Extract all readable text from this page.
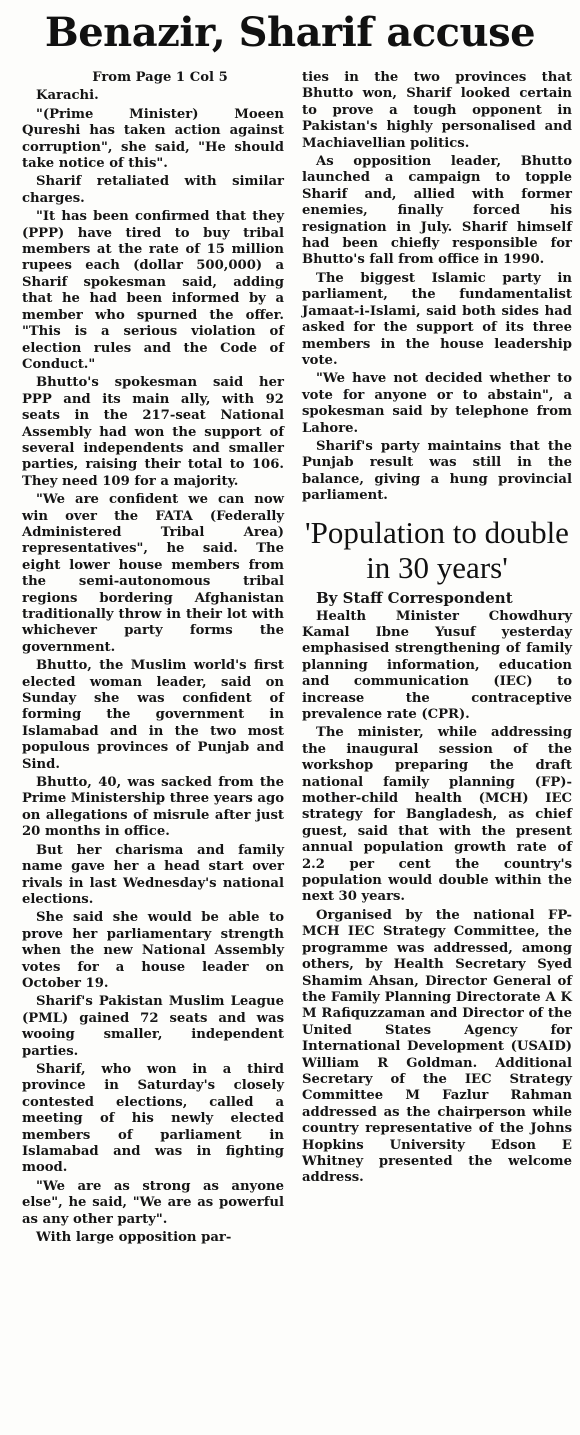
Benazir, Sharif accuse

From Page 1 Col 5

Karachi.

"(Prime Minister) Moeen Qureshi has taken action against corruption", she said, "He should take notice of this".

Sharif retaliated with similar charges.

"It has been confirmed that they (PPP) have tired to buy tribal members at the rate of 15 million rupees each (dollar 500,000) a Sharif spokesman said, adding that he had been informed by a member who spurned the offer. "This is a serious violation of election rules and the Code of Conduct."

Bhutto's spokesman said her PPP and its main ally, with 92 seats in the 217-seat National Assembly had won the support of several independents and smaller parties, raising their total to 106. They need 109 for a majority.

"We are confident we can now win over the FATA (Federally Administered Tribal Area) representatives", he said. The eight lower house members from the semi-autonomous tribal regions bordering Afghanistan traditionally throw in their lot with whichever party forms the government.

Bhutto, the Muslim world's first elected woman leader, said on Sunday she was confident of forming the government in Islamabad and in the two most populous provinces of Punjab and Sind.

Bhutto, 40, was sacked from the Prime Ministership three years ago on allegations of misrule after just 20 months in office.

But her charisma and family name gave her a head start over rivals in last Wednesday's national elections.

She said she would be able to prove her parliamentary strength when the new National Assembly votes for a house leader on October 19.

Sharif's Pakistan Muslim League (PML) gained 72 seats and was wooing smaller, independent parties.

Sharif, who won in a third province in Saturday's closely contested elections, called a meeting of his newly elected members of parliament in Islamabad and was in fighting mood.

"We are as strong as anyone else", he said, "We are as powerful as any other party".

With large opposition par-

ties in the two provinces that Bhutto won, Sharif looked certain to prove a tough opponent in Pakistan's highly personalised and Machiavellian politics.

As opposition leader, Bhutto launched a campaign to topple Sharif and, allied with former enemies, finally forced his resignation in July. Sharif himself had been chiefly responsible for Bhutto's fall from office in 1990.

The biggest Islamic party in parliament, the fundamentalist Jamaat-i-Islami, said both sides had asked for the support of its three members in the house leadership vote.

"We have not decided whether to vote for anyone or to abstain", a spokesman said by telephone from Lahore.

Sharif's party maintains that the Punjab result was still in the balance, giving a hung provincial parliament.

'Population to double in 30 years'

By Staff Correspondent

Health Minister Chowdhury Kamal Ibne Yusuf yesterday emphasised strengthening of family planning information, education and communication (IEC) to increase the contraceptive prevalence rate (CPR).

The minister, while addressing the inaugural session of the workshop preparing the draft national family planning (FP)-mother-child health (MCH) IEC strategy for Bangladesh, as chief guest, said that with the present annual population growth rate of 2.2 per cent the country's population would double within the next 30 years.

Organised by the national FP-MCH IEC Strategy Committee, the programme was addressed, among others, by Health Secretary Syed Shamim Ahsan, Director General of the Family Planning Directorate A K M Rafiquzzaman and Director of the United States Agency for International Development (USAID) William R Goldman. Additional Secretary of the IEC Strategy Committee M Fazlur Rahman addressed as the chairperson while country representative of the Johns Hopkins University Edson E Whitney presented the welcome address.
